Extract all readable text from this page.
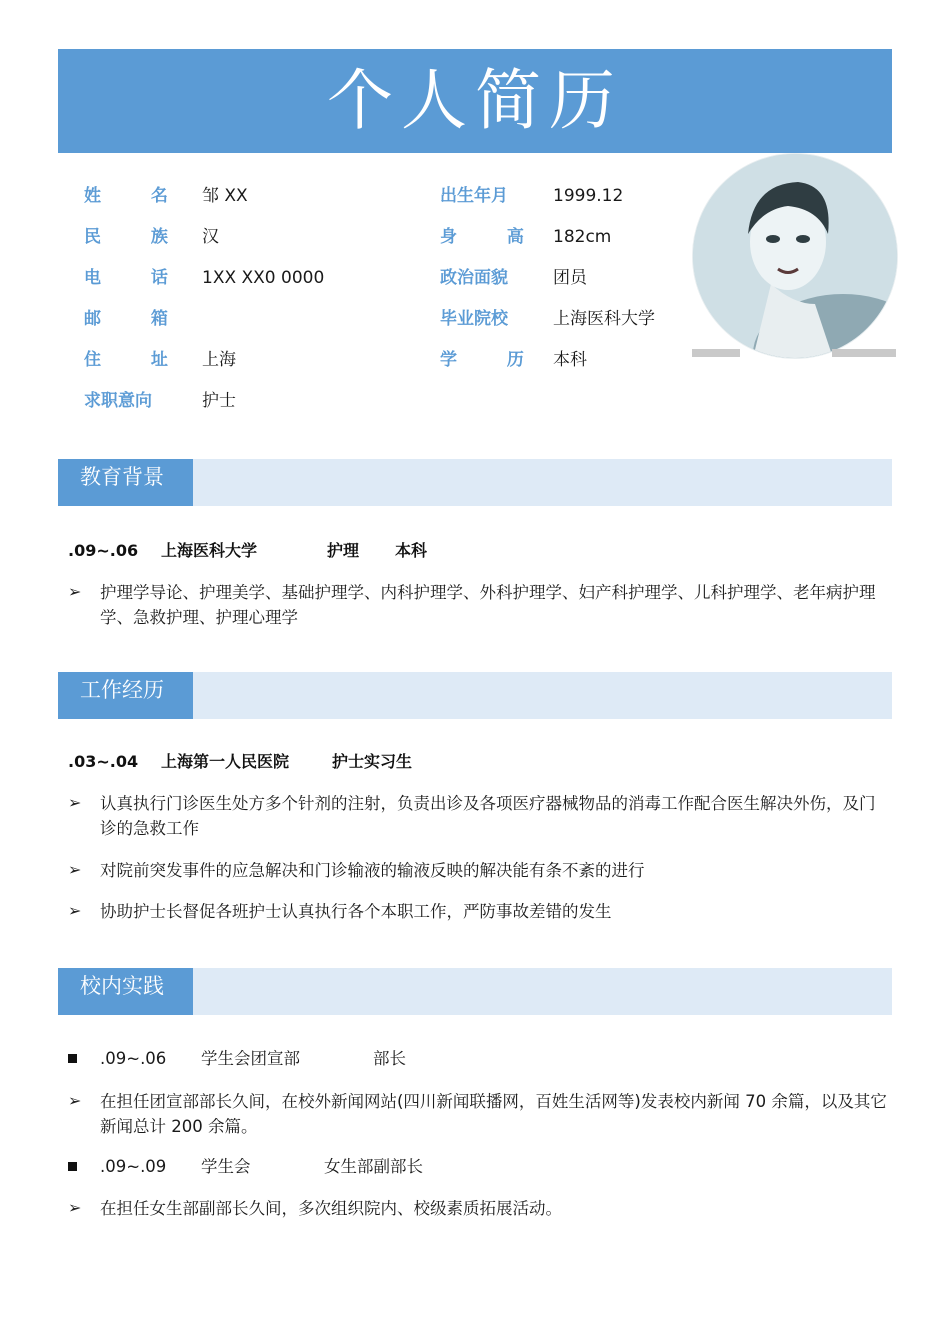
个人简历
姓 名 邹 XX
民 族 汉
电 话 1XX XX0 0000
邮 箱
住 址 上海
求职意向	护士
出生年月	1999.12
身 高 182cm
政治面貌	团员
毕业院校	上海医科大学
学 历 本科
教育背景
.09~.06 上海医科大学	护理 本科
➢	护理学导论、护理美学、基础护理学、内科护理学、外科护理学、妇产科护理学、儿科护理学、老年病护理学、急救护理、护理心理学
工作经历
.03~.04 上海第一人民医院	护士实习生
➢	认真执行门诊医生处方多个针剂的注射，负责出诊及各项医疗器械物品的消毒工作配合医生解决外伤，及门诊的急救工作
➢	对院前突发事件的应急解决和门诊输液的输液反映的解决能有条不紊的进行
➢	协助护士长督促各班护士认真执行各个本职工作，严防事故差错的发生
校内实践
.09~.06 学生会团宣部	部长
➢	在担任团宣部部长久间，在校外新闻网站(四川新闻联播网，百姓生活网等)发表校内新闻 70 余篇，以及其它新闻总计 200 余篇。
.09~.09 学生会	女生部副部长
➢	在担任女生部副部长久间，多次组织院内、校级素质拓展活动。
